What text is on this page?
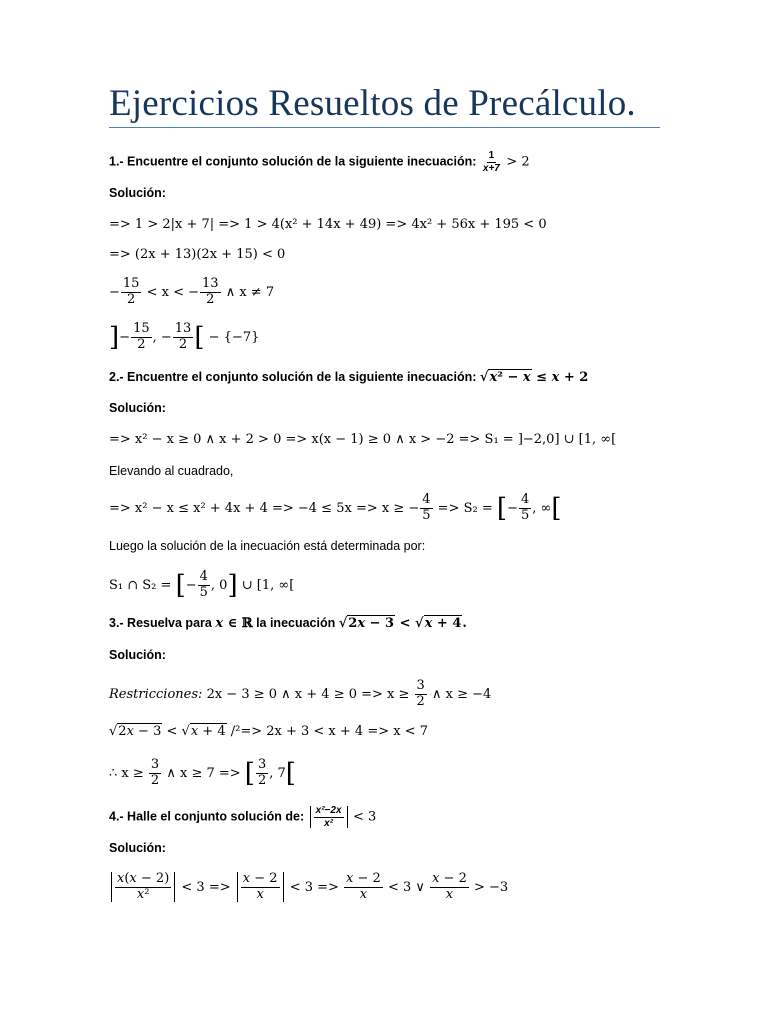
Ejercicios Resueltos de Precálculo.
1.- Encuentre el conjunto solución de la siguiente inecuación: $\frac{1}{x+7} > 2$
Solución:
=> 1 > 2|x + 7| => 1 > 4(x² + 14x + 49) => 4x² + 56x + 195 < 0
=> (2x + 13)(2x + 15) < 0
− $\frac{15}{2} < x$ < − $\frac{13}{2}$ ∧ x ≠ 7
]− $\frac{15}{2}$ , − $\frac{13}{2}$ [ − {−7}
2.- Encuentre el conjunto solución de la siguiente inecuación: √x² − x ≤ x + 2
Solución:
=> x² − x ≥ 0 ∧ x + 2 > 0 => x(x − 1) ≥ 0 ∧ x > −2 => S₁ = ]−2,0] ∪ [1, ∞[
Elevando al cuadrado,
=> x² − x ≤ x² + 4x + 4 => −4 ≤ 5x => x ≥ − $\frac{4}{5} => S_2$ = [− $\frac{4}{5}$ , ∞[
Luego la solución de la inecuación está determinada por:
S₁ ∩ S₂ = [− $\frac{4}{5}$ , 0] ∪ [1, ∞[
3.- Resuelva para x ∈ ℝ la inecuación √2x − 3 < √x + 4.
Solución:
Restricciones: 2x − 3 ≥ 0 ∧ $x + 4 \ge 0 => x \ge \frac{3}{2}$ ∧ x ≥ −4
√2x − 3 < √x + 4 /²=> 2x + 3 < x + 4 => x < 7
∴ $x \ge \frac{3}{2}$ ∧ x ≥ 7 => [ $\frac{3}{2}$ , 7[
4.- Halle el conjunto solución de: $\frac{\text{x²−2x}}{\text{x²}} < 3$
Solución:
$\frac{x(x - 2)}{\text{x²}} < 3 => \frac{x - 2}{x} < 3 => \frac{x - 2}{x} < 3$ ∨ $\frac{x - 2}{x} > -3$
